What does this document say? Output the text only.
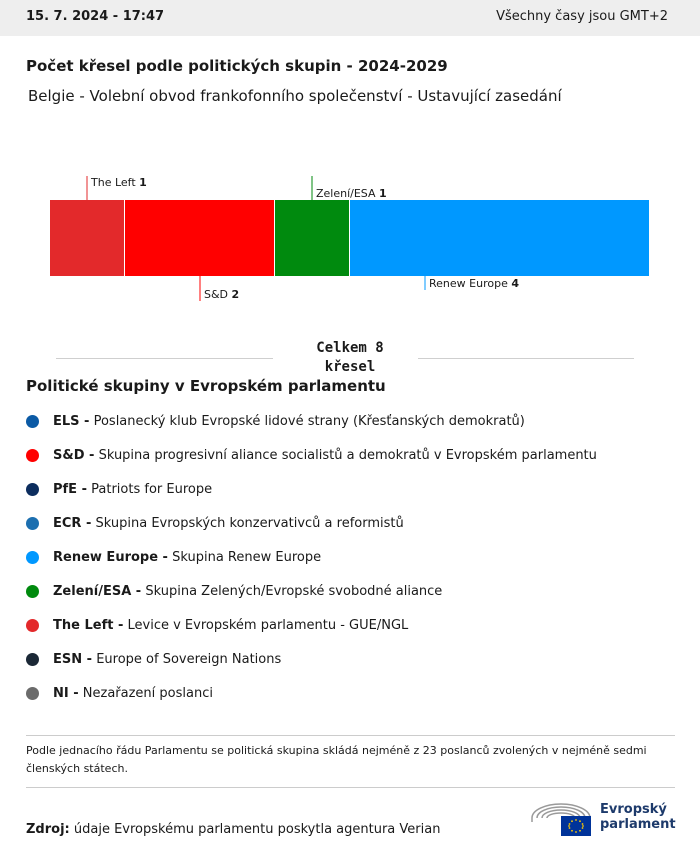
15. 7. 2024 - 17:47	Všechny časy jsou GMT+2
Počet křesel podle politických skupin - 2024-2029
Belgie - Volební obvod frankofonního společenství - Ustavující zasedání
The Left 1
S&D 2
Zelení/ESA 1
Renew Europe 4
Celkem 8
křesel
Politické skupiny v Evropském parlamentu
ELS - Poslanecký klub Evropské lidové strany (Křesťanských demokratů)
S&D - Skupina progresivní aliance socialistů a demokratů v Evropském parlamentu
PfE - Patriots for Europe
ECR - Skupina Evropských konzervativců a reformistů
Renew Europe - Skupina Renew Europe
Zelení/ESA - Skupina Zelených/Evropské svobodné aliance
The Left - Levice v Evropském parlamentu - GUE/NGL
ESN - Europe of Sovereign Nations
NI - Nezařazení poslanci
Podle jednacího řádu Parlamentu se politická skupina skládá nejméně z 23 poslanců zvolených v nejméně sedmi členských státech.
Zdroj: údaje Evropskému parlamentu poskytla agentura Verian
Evropský
parlament
